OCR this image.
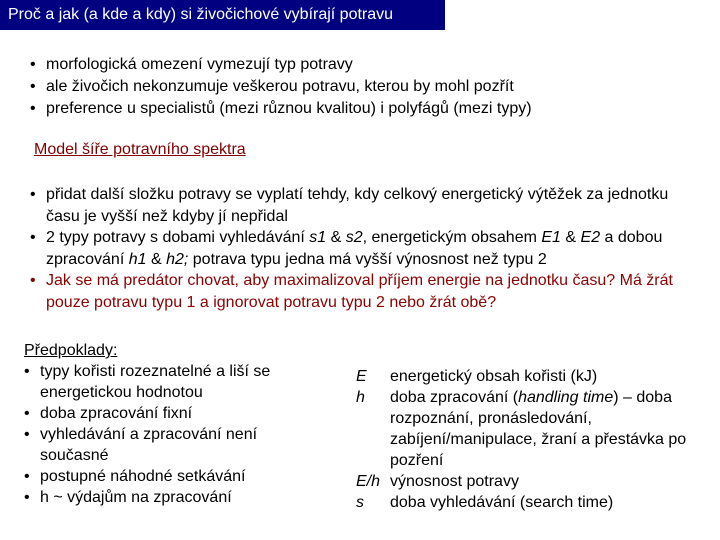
Proč a jak (a kde a kdy) si živočichové vybírají potravu
• morfologická omezení vymezují typ potravy
• ale živočich nekonzumuje veškerou potravu, kterou by mohl pozřít
• preference u specialistů (mezi různou kvalitou) i polyfágů (mezi typy)
Model šíře potravního spektra
• přidat další složku potravy se vyplatí tehdy, kdy celkový energetický výtěžek za jednotku času je vyšší než kdyby jí nepřidal
• 2 typy potravy s dobami vyhledávání s1 & s2, energetickým obsahem E1 & E2 a dobou zpracování h1 & h2; potrava typu jedna má vyšší výnosnost než typu 2
• Jak se má predátor chovat, aby maximalizoval příjem energie na jednotku času? Má žrát pouze potravu typu 1 a ignorovat potravu typu 2 nebo žrát obě?
Předpoklady:
• typy kořisti rozeznatelné a liší se energetickou hodnotou
• doba zpracování fixní
• vyhledávání a zpracování není současné
• postupné náhodné setkávání
• h ~ výdajům na zpracování
E	energetický obsah kořisti (kJ)
h	doba zpracování (handling time) – doba rozpoznání, pronásledování, zabíjení/manipulace, žraní a přestávka po pozření
E/h výnosnost potravy
s	doba vyhledávání (search time)
